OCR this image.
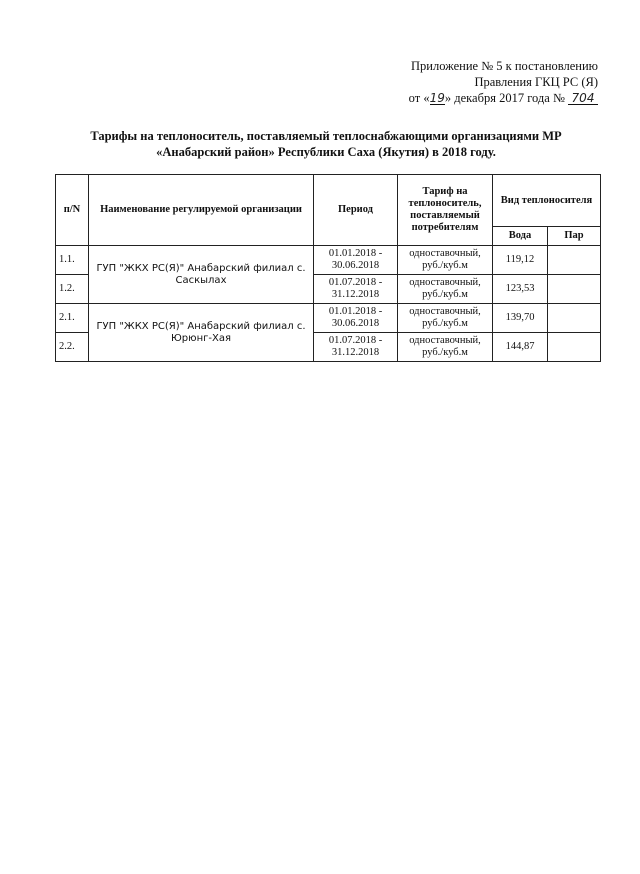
Приложение № 5 к постановлению
Правления ГКЦ РС (Я)
от «19» декабря 2017 года № 704
Тарифы на теплоноситель, поставляемый теплоснабжающими организациями МР
«Анабарский район» Республики Саха (Якутия) в 2018 году.
п/N	Наименование регулируемой организации	Период	Тариф на теплоноситель, поставляемый потребителям	Вид теплоносителя	
				Вода	Пар
1.1.	ГУП "ЖКХ РС(Я)" Анабарский филиал с. Саскылах	01.01.2018 - 30.06.2018	одноставочный, руб./куб.м	119,12	
1.2.		01.07.2018 - 31.12.2018	одноставочный, руб./куб.м	123,53	
2.1.	ГУП "ЖКХ РС(Я)" Анабарский филиал с. Юрюнг-Хая	01.01.2018 - 30.06.2018	одноставочный, руб./куб.м	139,70	
2.2.		01.07.2018 - 31.12.2018	одноставочный, руб./куб.м	144,87	
